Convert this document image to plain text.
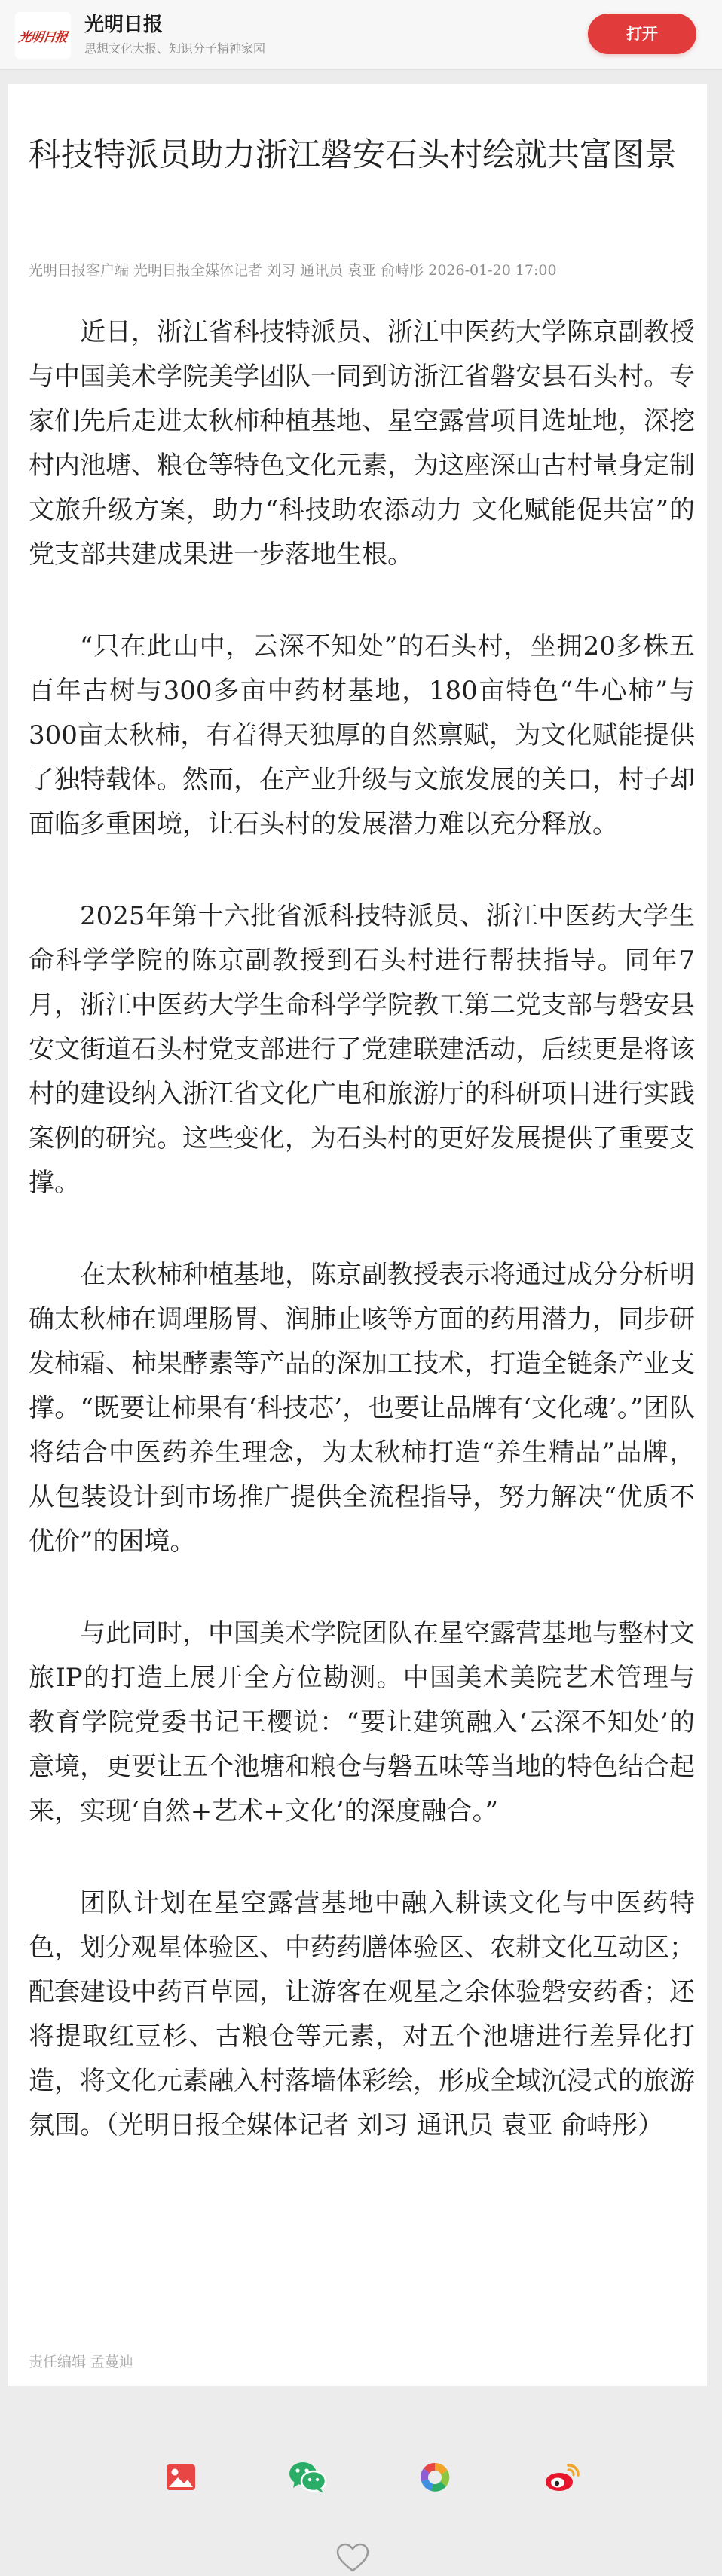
光明日报
光明日报
思想文化大报、知识分子精神家园
打开
科技特派员助力浙江磐安石头村绘就共富图景
光明日报客户端 光明日报全媒体记者 刘习 通讯员 袁亚 俞峙彤 2026-01-20 17:00

近日，浙江省科技特派员、浙江中医药大学陈京副教授与中国美术学院美学团队一同到访浙江省磐安县石头村。专家们先后走进太秋柿种植基地、星空露营项目选址地，深挖村内池塘、粮仓等特色文化元素，为这座深山古村量身定制文旅升级方案，助力“科技助农添动力 文化赋能促共富”的党支部共建成果进一步落地生根。

“只在此山中，云深不知处”的石头村，坐拥20多株五百年古树与300多亩中药材基地，180亩特色“牛心柿”与300亩太秋柿，有着得天独厚的自然禀赋，为文化赋能提供了独特载体。然而，在产业升级与文旅发展的关口，村子却面临多重困境，让石头村的发展潜力难以充分释放。

2025年第十六批省派科技特派员、浙江中医药大学生命科学学院的陈京副教授到石头村进行帮扶指导。同年7月，浙江中医药大学生命科学学院教工第二党支部与磐安县安文街道石头村党支部进行了党建联建活动，后续更是将该村的建设纳入浙江省文化广电和旅游厅的科研项目进行实践案例的研究。这些变化，为石头村的更好发展提供了重要支撑。

在太秋柿种植基地，陈京副教授表示将通过成分分析明确太秋柿在调理肠胃、润肺止咳等方面的药用潜力，同步研发柿霜、柿果酵素等产品的深加工技术，打造全链条产业支撑。“既要让柿果有‘科技芯’，也要让品牌有‘文化魂’。”团队将结合中医药养生理念，为太秋柿打造“养生精品”品牌，从包装设计到市场推广提供全流程指导，努力解决“优质不优价”的困境。

与此同时，中国美术学院团队在星空露营基地与整村文旅IP的打造上展开全方位勘测。中国美术美院艺术管理与教育学院党委书记王樱说：“要让建筑融入‘云深不知处’的意境，更要让五个池塘和粮仓与磐五味等当地的特色结合起来，实现‘自然+艺术+文化’的深度融合。”

团队计划在星空露营基地中融入耕读文化与中医药特色，划分观星体验区、中药药膳体验区、农耕文化互动区；配套建设中药百草园，让游客在观星之余体验磐安药香；还将提取红豆杉、古粮仓等元素，对五个池塘进行差异化打造，将文化元素融入村落墙体彩绘，形成全域沉浸式的旅游氛围。（光明日报全媒体记者 刘习 通讯员 袁亚 俞峙彤）

责任编辑 孟蔓迪
